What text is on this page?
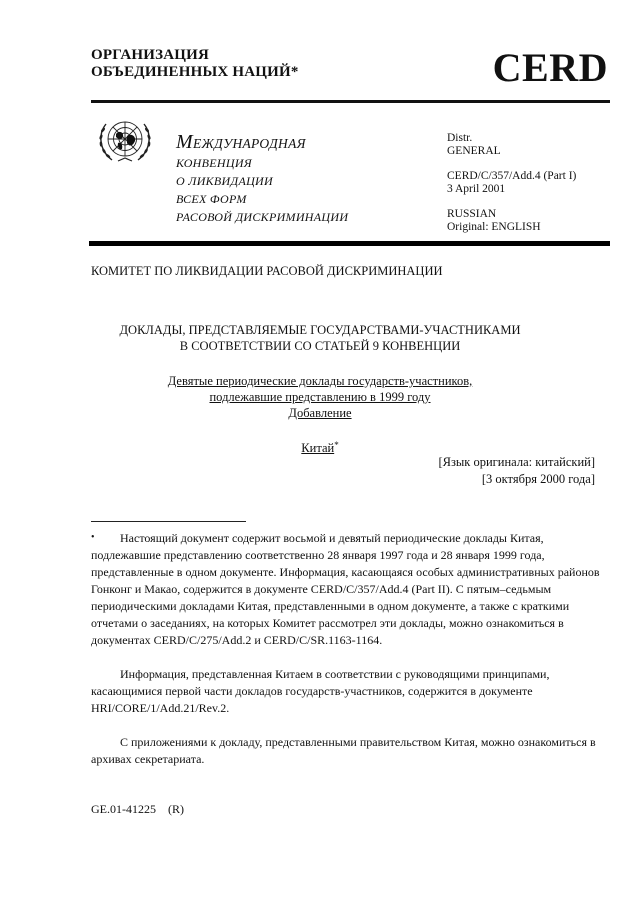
ОРГАНИЗАЦИЯ
ОБЪЕДИНЕННЫХ НАЦИЙ*	CERD
МЕЖДУНАРОДНАЯ
КОНВЕНЦИЯ
О ЛИКВИДАЦИИ
ВСЕХ ФОРМ
РАСОВОЙ ДИСКРИМИНАЦИИ
Distr.
GENERAL
CERD/C/357/Add.4 (Part I)
3 April 2001
RUSSIAN
Original: ENGLISH
КОМИТЕТ ПО ЛИКВИДАЦИИ РАСОВОЙ ДИСКРИМИНАЦИИ
ДОКЛАДЫ, ПРЕДСТАВЛЯЕМЫЕ ГОСУДАРСТВАМИ-УЧАСТНИКАМИ
В СООТВЕТСТВИИ СО СТАТЬЕЙ 9 КОНВЕНЦИИ
Девятые периодические доклады государств-участников,
подлежавшие представлению в 1999 году
Добавление
Китай*
[Язык оригинала: китайский]
[3 октября 2000 года]

• Настоящий документ содержит восьмой и девятый периодические доклады Китая, подлежавшие представлению соответственно 28 января 1997 года и 28 января 1999 года, представленные в одном документе. Информация, касающаяся особых административных районов Гонконг и Макао, содержится в документе CERD/C/357/Add.4 (Part II). С пятым–седьмым периодическими докладами Китая, представленными в одном документе, а также с краткими отчетами о заседаниях, на которых Комитет рассмотрел эти доклады, можно ознакомиться в документах CERD/C/275/Add.2 и CERD/C/SR.1163-1164.

Информация, представленная Китаем в соответствии с руководящими принципами, касающимися первой части докладов государств-участников, содержится в документе HRI/CORE/1/Add.21/Rev.2.

С приложениями к докладу, представленными правительством Китая, можно ознакомиться в архивах секретариата.

GE.01-41225    (R)
